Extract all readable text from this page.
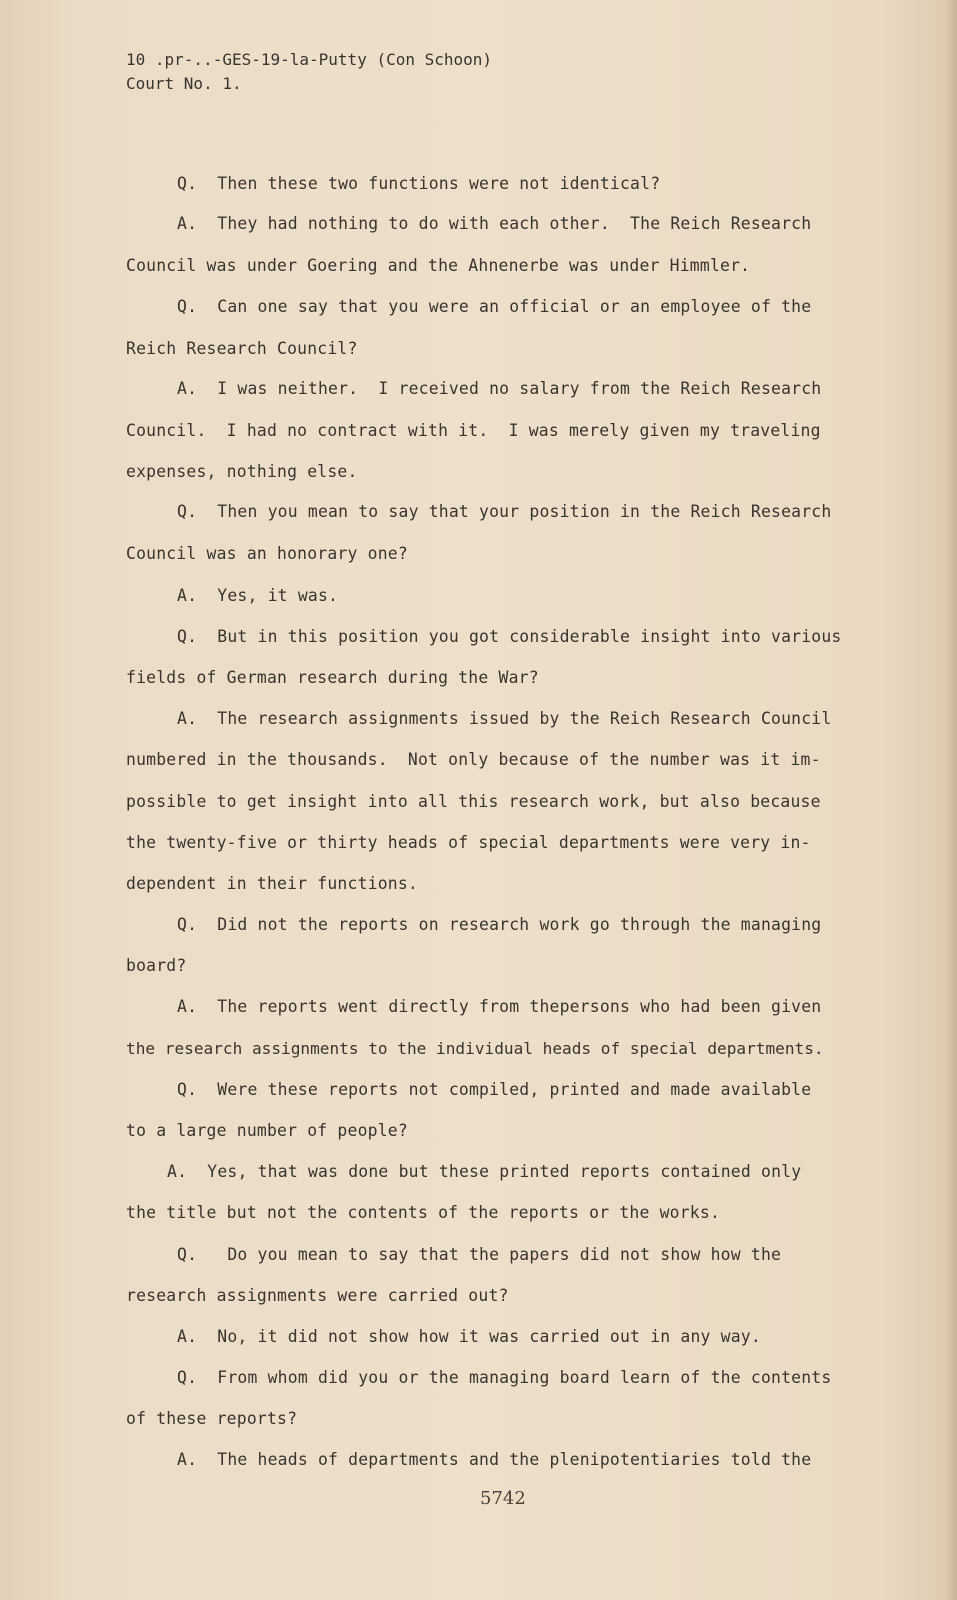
10 .pr-..-GES-19-la-Putty (Con Schoon)
Court No. 1.
Q.  Then these two functions were not identical?
A.  They had nothing to do with each other.  The Reich Research
Council was under Goering and the Ahnenerbe was under Himmler.
Q.  Can one say that you were an official or an employee of the
Reich Research Council?
A.  I was neither.  I received no salary from the Reich Research
Council.  I had no contract with it.  I was merely given my traveling
expenses, nothing else.
Q.  Then you mean to say that your position in the Reich Research
Council was an honorary one?
A.  Yes, it was.
Q.  But in this position you got considerable insight into various
fields of German research during the War?
A.  The research assignments issued by the Reich Research Council
numbered in the thousands.  Not only because of the number was it im-
possible to get insight into all this research work, but also because
the twenty-five or thirty heads of special departments were very in-
dependent in their functions.
Q.  Did not the reports on research work go through the managing
board?
A.  The reports went directly from thepersons who had been given
the research assignments to the individual heads of special departments.
Q.  Were these reports not compiled, printed and made available
to a large number of people?
A.  Yes, that was done but these printed reports contained only
the title but not the contents of the reports or the works.
Q.   Do you mean to say that the papers did not show how the
research assignments were carried out?
A.  No, it did not show how it was carried out in any way.
Q.  From whom did you or the managing board learn of the contents
of these reports?
A.  The heads of departments and the plenipotentiaries told the
5742
